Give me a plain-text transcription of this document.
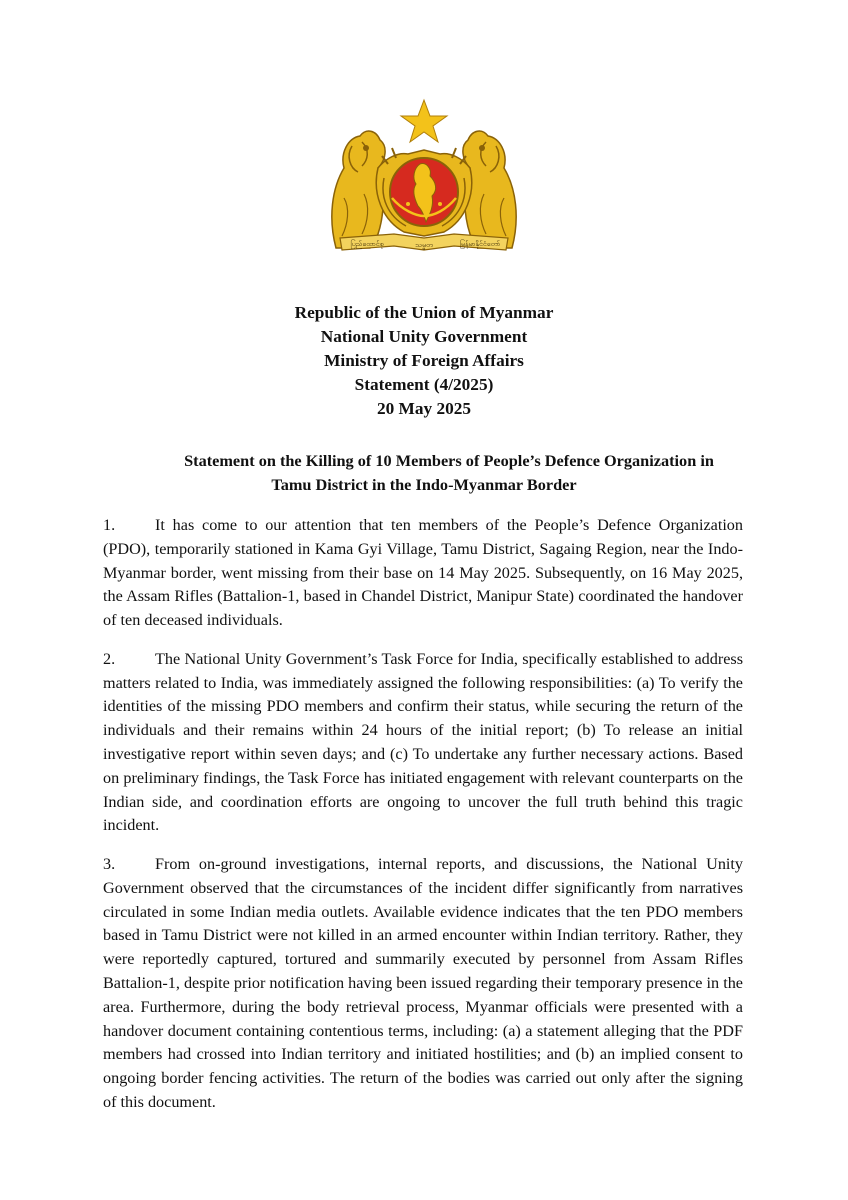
ပြည်ထောင်စု	သမ္မတ	မြန်မာနိုင်ငံတော်
Republic of the Union of Myanmar
National Unity Government
Ministry of Foreign Affairs
Statement (4/2025)
20 May 2025
Statement on the Killing of 10 Members of People’s Defence Organization in
Tamu District in the Indo-Myanmar Border

1. It has come to our attention that ten members of the People’s Defence Organization (PDO), temporarily stationed in Kama Gyi Village, Tamu District, Sagaing Region, near the Indo-Myanmar border, went missing from their base on 14 May 2025. Subsequently, on 16 May 2025, the Assam Rifles (Battalion-1, based in Chandel District, Manipur State) coordinated the handover of ten deceased individuals.

2. The National Unity Government’s Task Force for India, specifically established to address matters related to India, was immediately assigned the following responsibilities: (a) To verify the identities of the missing PDO members and confirm their status, while securing the return of the individuals and their remains within 24 hours of the initial report; (b) To release an initial investigative report within seven days; and (c) To undertake any further necessary actions. Based on preliminary findings, the Task Force has initiated engagement with relevant counterparts on the Indian side, and coordination efforts are ongoing to uncover the full truth behind this tragic incident.

3. From on-ground investigations, internal reports, and discussions, the National Unity Government observed that the circumstances of the incident differ significantly from narratives circulated in some Indian media outlets. Available evidence indicates that the ten PDO members based in Tamu District were not killed in an armed encounter within Indian territory. Rather, they were reportedly captured, tortured and summarily executed by personnel from Assam Rifles Battalion-1, despite prior notification having been issued regarding their temporary presence in the area. Furthermore, during the body retrieval process, Myanmar officials were presented with a handover document containing contentious terms, including: (a) a statement alleging that the PDF members had crossed into Indian territory and initiated hostilities; and (b) an implied consent to ongoing border fencing activities. The return of the bodies was carried out only after the signing of this document.
